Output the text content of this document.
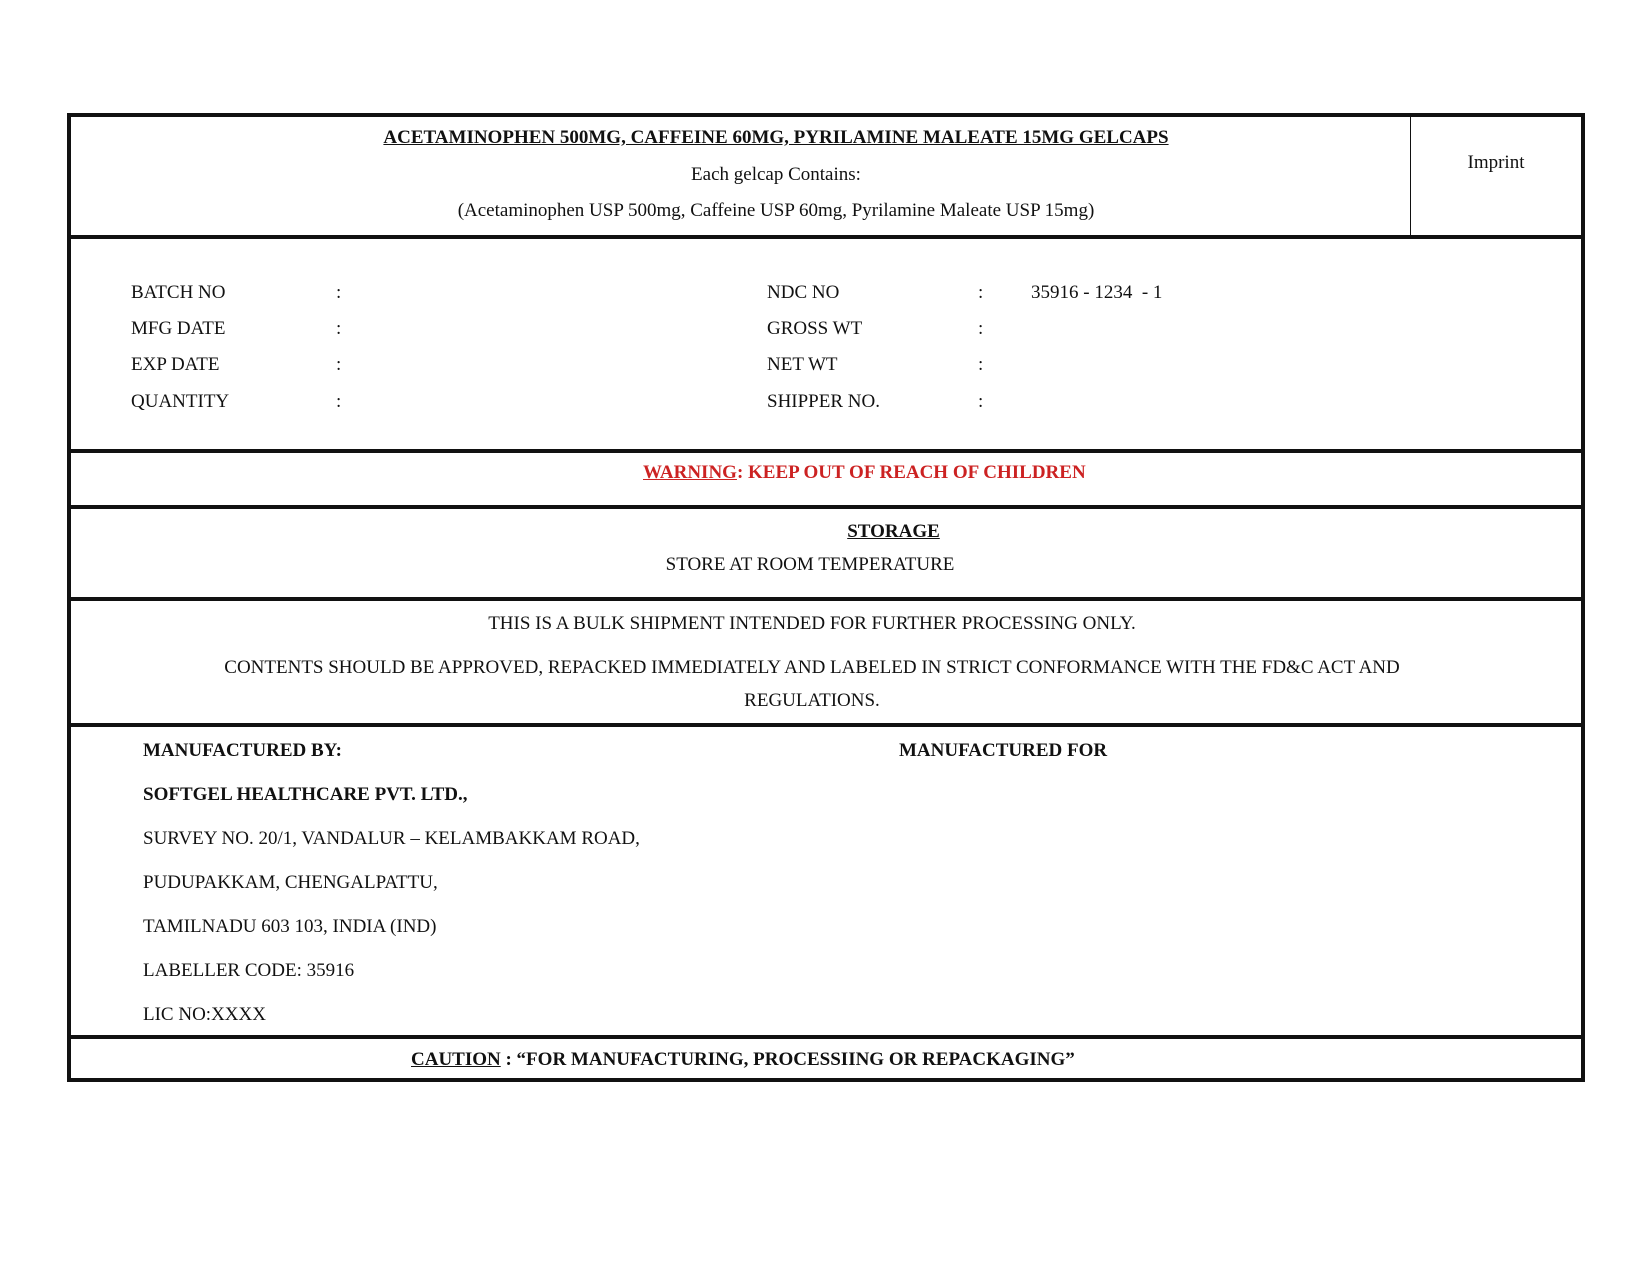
ACETAMINOPHEN 500MG, CAFFEINE 60MG, PYRILAMINE MALEATE 15MG GELCAPS
Each gelcap Contains:
(Acetaminophen USP 500mg, Caffeine USP 60mg, Pyrilamine Maleate USP 15mg)
Imprint
BATCH NO	:
MFG DATE	:
EXP DATE	:
QUANTITY	:
NDC NO	:	35916 - 1234  - 1
GROSS WT	:
NET WT	:
SHIPPER NO.	:
WARNING: KEEP OUT OF REACH OF CHILDREN
STORAGE
STORE AT ROOM TEMPERATURE
THIS IS A BULK SHIPMENT INTENDED FOR FURTHER PROCESSING ONLY.
CONTENTS SHOULD BE APPROVED, REPACKED IMMEDIATELY AND LABELED IN STRICT CONFORMANCE WITH THE FD&C ACT AND
REGULATIONS.
MANUFACTURED BY:	MANUFACTURED FOR
SOFTGEL HEALTHCARE PVT. LTD.,
SURVEY NO. 20/1, VANDALUR – KELAMBAKKAM ROAD,
PUDUPAKKAM, CHENGALPATTU,
TAMILNADU 603 103, INDIA (IND)
LABELLER CODE: 35916
LIC NO:XXXX
CAUTION : “FOR MANUFACTURING, PROCESSIING OR REPACKAGING”
